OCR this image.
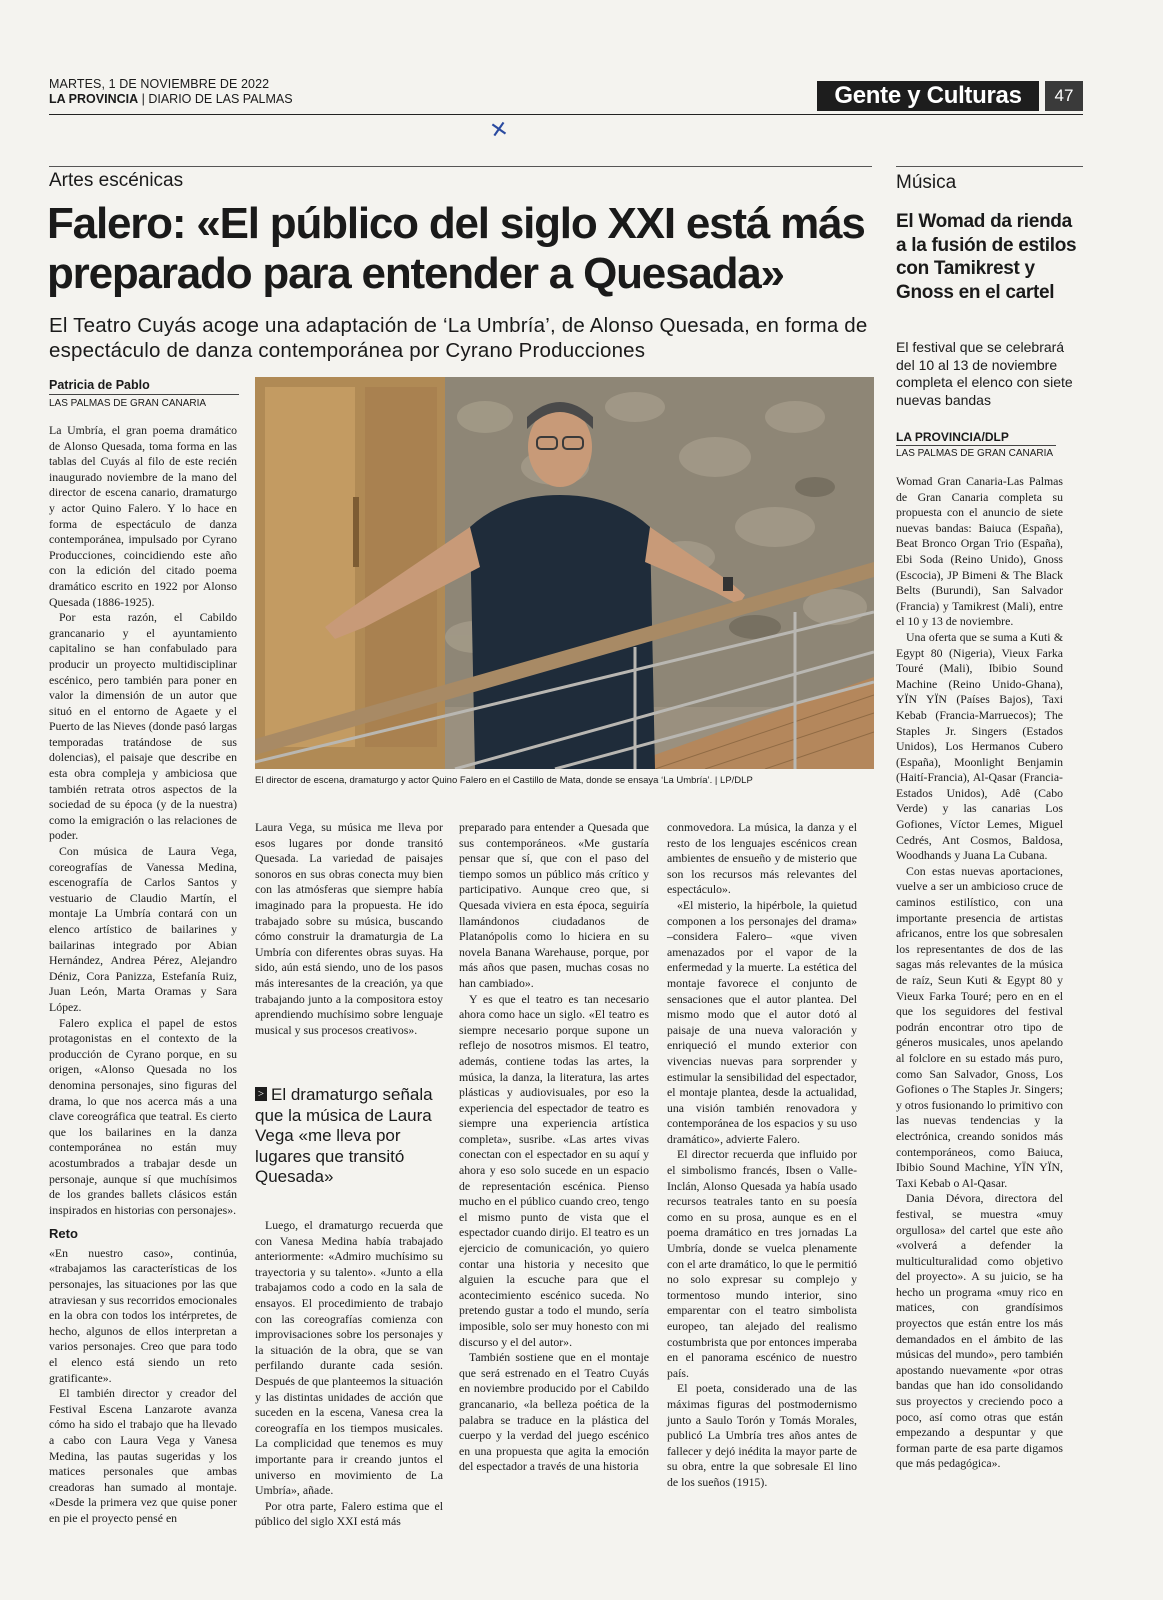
MARTES, 1 DE NOVIEMBRE DE 2022
LA PROVINCIA | DIARIO DE LAS PALMAS	Gente y Culturas	47
✕
Artes escénicas
Falero: «El público del siglo XXI está más preparado para entender a Quesada»
El Teatro Cuyás acoge una adaptación de ‘La Umbría’, de Alonso Quesada, en forma de espectáculo de danza contemporánea por Cyrano Producciones
Patricia de Pablo
LAS PALMAS DE GRAN CANARIA
El director de escena, dramaturgo y actor Quino Falero en el Castillo de Mata, donde se ensaya ‘La Umbría’. | LP/DLP

La Umbría, el gran poema dramático de Alonso Quesada, toma forma en las tablas del Cuyás al filo de este recién inaugurado noviembre de la mano del director de escena canario, dramaturgo y actor Quino Falero. Y lo hace en forma de espectáculo de danza contemporánea, impulsado por Cyrano Producciones, coincidiendo este año con la edición del citado poema dramático escrito en 1922 por Alonso Quesada (1886-1925).

Por esta razón, el Cabildo grancanario y el ayuntamiento capitalino se han confabulado para producir un proyecto multidisciplinar escénico, pero también para poner en valor la dimensión de un autor que situó en el entorno de Agaete y el Puerto de las Nieves (donde pasó largas temporadas tratándose de sus dolencias), el paisaje que describe en esta obra compleja y ambiciosa que también retrata otros aspectos de la sociedad de su época (y de la nuestra) como la emigración o las relaciones de poder.

Con música de Laura Vega, coreografías de Vanessa Medina, escenografía de Carlos Santos y vestuario de Claudio Martín, el montaje La Umbría contará con un elenco artístico de bailarines y bailarinas integrado por Abian Hernández, Andrea Pérez, Alejandro Déniz, Cora Panizza, Estefanía Ruiz, Juan León, Marta Oramas y Sara López.

Falero explica el papel de estos protagonistas en el contexto de la producción de Cyrano porque, en su origen, «Alonso Quesada no los denomina personajes, sino figuras del drama, lo que nos acerca más a una clave coreográfica que teatral. Es cierto que los bailarines en la danza contemporánea no están muy acostumbrados a trabajar desde un personaje, aunque sí que muchísimos de los grandes ballets clásicos están inspirados en historias con personajes».

Reto

«En nuestro caso», continúa, «trabajamos las características de los personajes, las situaciones por las que atraviesan y sus recorridos emocionales en la obra con todos los intérpretes, de hecho, algunos de ellos interpretan a varios personajes. Creo que para todo el elenco está siendo un reto gratificante».

El también director y creador del Festival Escena Lanzarote avanza cómo ha sido el trabajo que ha llevado a cabo con Laura Vega y Vanesa Medina, las pautas sugeridas y los matices personales que ambas creadoras han sumado al montaje. «Desde la primera vez que quise poner en pie el proyecto pensé en

Laura Vega, su música me lleva por esos lugares por donde transitó Quesada. La variedad de paisajes sonoros en sus obras conecta muy bien con las atmósferas que siempre había imaginado para la propuesta. He ido trabajado sobre su música, buscando cómo construir la dramaturgia de La Umbría con diferentes obras suyas. Ha sido, aún está siendo, uno de los pasos más interesantes de la creación, ya que trabajando junto a la compositora estoy aprendiendo muchísimo sobre lenguaje musical y sus procesos creativos».

> El dramaturgo señala que la música de Laura Vega «me lleva por lugares que transitó Quesada»

Luego, el dramaturgo recuerda que con Vanesa Medina había trabajado anteriormente: «Admiro muchísimo su trayectoria y su talento». «Junto a ella trabajamos codo a codo en la sala de ensayos. El procedimiento de trabajo con las coreografías comienza con improvisaciones sobre los personajes y la situación de la obra, que se van perfilando durante cada sesión. Después de que planteemos la situación y las distintas unidades de acción que suceden en la escena, Vanesa crea la coreografía en los tiempos musicales. La complicidad que tenemos es muy importante para ir creando juntos el universo en movimiento de La Umbría», añade.

Por otra parte, Falero estima que el público del siglo XXI está más

preparado para entender a Quesada que sus contemporáneos. «Me gustaría pensar que sí, que con el paso del tiempo somos un público más crítico y participativo. Aunque creo que, si Quesada viviera en esta época, seguiría llamándonos ciudadanos de Platanópolis como lo hiciera en su novela Banana Warehause, porque, por más años que pasen, muchas cosas no han cambiado».

Y es que el teatro es tan necesario ahora como hace un siglo. «El teatro es siempre necesario porque supone un reflejo de nosotros mismos. El teatro, además, contiene todas las artes, la música, la danza, la literatura, las artes plásticas y audiovisuales, por eso la experiencia del espectador de teatro es siempre una experiencia artística completa», susribe. «Las artes vivas conectan con el espectador en su aquí y ahora y eso solo sucede en un espacio de representación escénica. Pienso mucho en el público cuando creo, tengo el mismo punto de vista que el espectador cuando dirijo. El teatro es un ejercicio de comunicación, yo quiero contar una historia y necesito que alguien la escuche para que el acontecimiento escénico suceda. No pretendo gustar a todo el mundo, sería imposible, solo ser muy honesto con mi discurso y el del autor».

También sostiene que en el montaje que será estrenado en el Teatro Cuyás en noviembre producido por el Cabildo grancanario, «la belleza poética de la palabra se traduce en la plástica del cuerpo y la verdad del juego escénico en una propuesta que agita la emoción del espectador a través de una historia

conmovedora. La música, la danza y el resto de los lenguajes escénicos crean ambientes de ensueño y de misterio que son los recursos más relevantes del espectáculo».

«El misterio, la hipérbole, la quietud componen a los personajes del drama» –considera Falero– «que viven amenazados por el vapor de la enfermedad y la muerte. La estética del montaje favorece el conjunto de sensaciones que el autor plantea. Del mismo modo que el autor dotó al paisaje de una nueva valoración y enriqueció el mundo exterior con vivencias nuevas para sorprender y estimular la sensibilidad del espectador, el montaje plantea, desde la actualidad, una visión también renovadora y contemporánea de los espacios y su uso dramático», advierte Falero.

El director recuerda que influido por el simbolismo francés, Ibsen o Valle-Inclán, Alonso Quesada ya había usado recursos teatrales tanto en su poesía como en su prosa, aunque es en el poema dramático en tres jornadas La Umbría, donde se vuelca plenamente con el arte dramático, lo que le permitió no solo expresar su complejo y tormentoso mundo interior, sino emparentar con el teatro simbolista europeo, tan alejado del realismo costumbrista que por entonces imperaba en el panorama escénico de nuestro país.

El poeta, considerado una de las máximas figuras del postmodernismo junto a Saulo Torón y Tomás Morales, publicó La Umbría tres años antes de fallecer y dejó inédita la mayor parte de su obra, entre la que sobresale El lino de los sueños (1915).

Música
El Womad da rienda a la fusión de estilos con Tamikrest y Gnoss en el cartel
El festival que se celebrará del 10 al 13 de noviembre completa el elenco con siete nuevas bandas
LA PROVINCIA/DLP
LAS PALMAS DE GRAN CANARIA

Womad Gran Canaria-Las Palmas de Gran Canaria completa su propuesta con el anuncio de siete nuevas bandas: Baiuca (España), Beat Bronco Organ Trio (España), Ebi Soda (Reino Unido), Gnoss (Escocia), JP Bimeni & The Black Belts (Burundi), San Salvador (Francia) y Tamikrest (Mali), entre el 10 y 13 de noviembre.

Una oferta que se suma a Kuti & Egypt 80 (Nigeria), Vieux Farka Touré (Mali), Ibibio Sound Machine (Reino Unido-Ghana), YÏN YÏN (Países Bajos), Taxi Kebab (Francia-Marruecos); The Staples Jr. Singers (Estados Unidos), Los Hermanos Cubero (España), Moonlight Benjamin (Haití-Francia), Al-Qasar (Francia-Estados Unidos), Adê (Cabo Verde) y las canarias Los Gofiones, Víctor Lemes, Miguel Cedrés, Ant Cosmos, Baldosa, Woodhands y Juana La Cubana.

Con estas nuevas aportaciones, vuelve a ser un ambicioso cruce de caminos estilístico, con una importante presencia de artistas africanos, entre los que sobresalen los representantes de dos de las sagas más relevantes de la música de raíz, Seun Kuti & Egypt 80 y Vieux Farka Touré; pero en en el que los seguidores del festival podrán encontrar otro tipo de géneros musicales, unos apelando al folclore en su estado más puro, como San Salvador, Gnoss, Los Gofiones o The Staples Jr. Singers; y otros fusionando lo primitivo con las nuevas tendencias y la electrónica, creando sonidos más contemporáneos, como Baiuca, Ibibio Sound Machine, YÏN YÏN, Taxi Kebab o Al-Qasar.

Dania Dévora, directora del festival, se muestra «muy orgullosa» del cartel que este año «volverá a defender la multiculturalidad como objetivo del proyecto». A su juicio, se ha hecho un programa «muy rico en matices, con grandísimos proyectos que están entre los más demandados en el ámbito de las músicas del mundo», pero también apostando nuevamente «por otras bandas que han ido consolidando sus proyectos y creciendo poco a poco, así como otras que están empezando a despuntar y que forman parte de esa parte digamos que más pedagógica».
